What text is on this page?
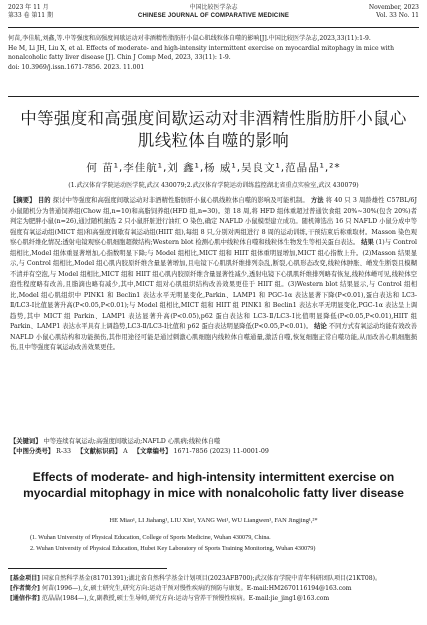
2023 年 11 月
第33 卷 第11 期
中国比较医学杂志
CHINESE JOURNAL OF COMPARATIVE MEDICINE
November, 2023
Vol. 33 No. 11
何苗,李佳航,刘鑫,等.中等强度和高强度间歇运动对非酒精性脂肪肝小鼠心肌线粒体自噬的影响[J].中国比较医学杂志,2023,33(11):1-9.
He M, Li JH, Liu X, et al. Effects of moderate- and high-intensity intermittent exercise on myocardial mitophagy in mice with nonalcoholic fatty liver disease [J]. Chin J Comp Med, 2023, 33(11): 1-9.
doi: 10.3969/j.issn.1671-7856. 2023. 11.001
中等强度和高强度间歇运动对非酒精性脂肪肝小鼠心肌线粒体自噬的影响
何 苗¹,李佳航¹,刘 鑫¹,杨 威¹,吴良文¹,范晶晶¹,²*
(1.武汉体育学院运动医学院,武汉 430079;2.武汉体育学院运动训练监控湖北省重点实验室,武汉 430079)
【摘要】 目的 探讨中等强度和高强度间歇运动对非酒精性脂肪肝小鼠心肌线粒体自噬的影响及可能机制。 方法 将 40 只 3 周龄雄性 C57BL/6J 小鼠随机分为普通饲养组(Chow 组,n=10)和高脂饲养组(HFD 组,n=30)。第 18 周,将 HFD 组体重超过普通饮食组 20%~30%(包含 20%)者判定为肥胖小鼠(n=26),通过随机抽选 2 只小鼠肝脏进行油红 O 染色,确定 NAFLD 小鼠模型建立成功。随机筛选出 16 只 NAFLD 小鼠分成中等强度有氧运动组(MICT 组)和高强度间歇有氧运动组(HIIT 组),每组 8 只,分别对两组进行 8 周的运动训练,干预结束后称重取材。Masson 染色观察心肌纤维化情况;透射电镜观察心肌细胞超微结构;Western blot 检测心肌中线粒体自噬和线粒体生物发生等相关蛋白表达。 结果 (1)与 Control 组相比,Model 组体重显著增加,心指数明显下降;与 Model 组相比,MICT 组和 HIIT 组体重明显增加,MICT 组心指数上升。(2)Masson 结果显示,与 Control 组相比,Model 组心肌内胶原纤维含量显著增加,且电镜下心肌肌纤维排列杂乱,断裂,心肌形态改变,线粒体肿胀、嵴发生断裂且模糊不清并有空泡,与 Model 组相比,MICT 组和 HIIT 组心肌内胶原纤维含量显著性减少,透射电镜下心肌肌纤维排列略有恢复,线粒体嵴可见,线粒体空泡性程度略有改善,且脂滴也略有减少,其中,MICT 组对心肌组织结构改善效果更佳于 HIIT 组。(3)Western blot 结果显示,与 Control 组相比,Model 组心肌组织中 PINK1 和 Beclin1 表达水平无明显变化,Parkin、LAMP1 和 PGC-1α 表达显著下降(P<0.01),蛋白表达和 LC3-Ⅱ/LC3-Ⅰ比值显著升高(P<0.05,P<0.01);与 Model 组相比,MICT 组和 HIIT 组 PINK1 和 Beclin1 表达水平无明显变化,PGC-1α 表达呈上调趋势,其中 MICT 组 Parkin、LAMP1 表达显著升高(P<0.05),p62 蛋白表达和 LC3-Ⅱ/LC3-Ⅰ比值明显降低(P<0.05,P<0.01),HIIT 组 Parkin、LAMP1 表达水平具有上调趋势,LC3-Ⅱ/LC3-Ⅰ比值和 p62 蛋白表达明显降低(P<0.05,P<0.01)。 结论 不同方式有氧运动均能有效改善 NAFLD 小鼠心肌结构和功能损伤,其作用途径可能是通过刺激心肌细胞内线粒体自噬通量,激活自噬,恢复细胞正常自噬功能,从而改善心肌细胞损伤,且中等强度有氧运动改善效果更佳。
【关键词】 中等连续有氧运动;高强度间歇运动;NAFLD 心肌病;线粒体自噬
【中图分类号】 R-33 【文献标识码】 A 【文章编号】 1671-7856 (2023) 11-0001-09
Effects of moderate- and high-intensity intermittent exercise on myocardial mitophagy in mice with nonalcoholic fatty liver disease
HE Miao¹, LI Jiahang¹, LIU Xin¹, YANG Wei¹, WU Liangwen¹, FAN Jingjing¹,²*
(1. Wuhan University of Physical Education, College of Sports Medicine, Wuhan 430079, China.
2. Wuhan University of Physical Education, Hubei Key Laboratory of Sports Training Monitoring, Wuhan 430079)
[基金项目] 国家自然科学基金(81701391);湖北省自然科学基金计划项目(2023AFB700);武汉体育学院中青年科研团队项目(21KT08)。
[作者简介] 何苗(1996—),女,硕士研究生,研究方向:运动干预对慢性疾病的预防与康复。E-mail:HM2670116194@163.com
[通信作者] 范晶晶(1984—),女,副教授,硕士生导师,研究方向:运动与营养干预慢性疾病。E-mail:jie_jing1@163.com
